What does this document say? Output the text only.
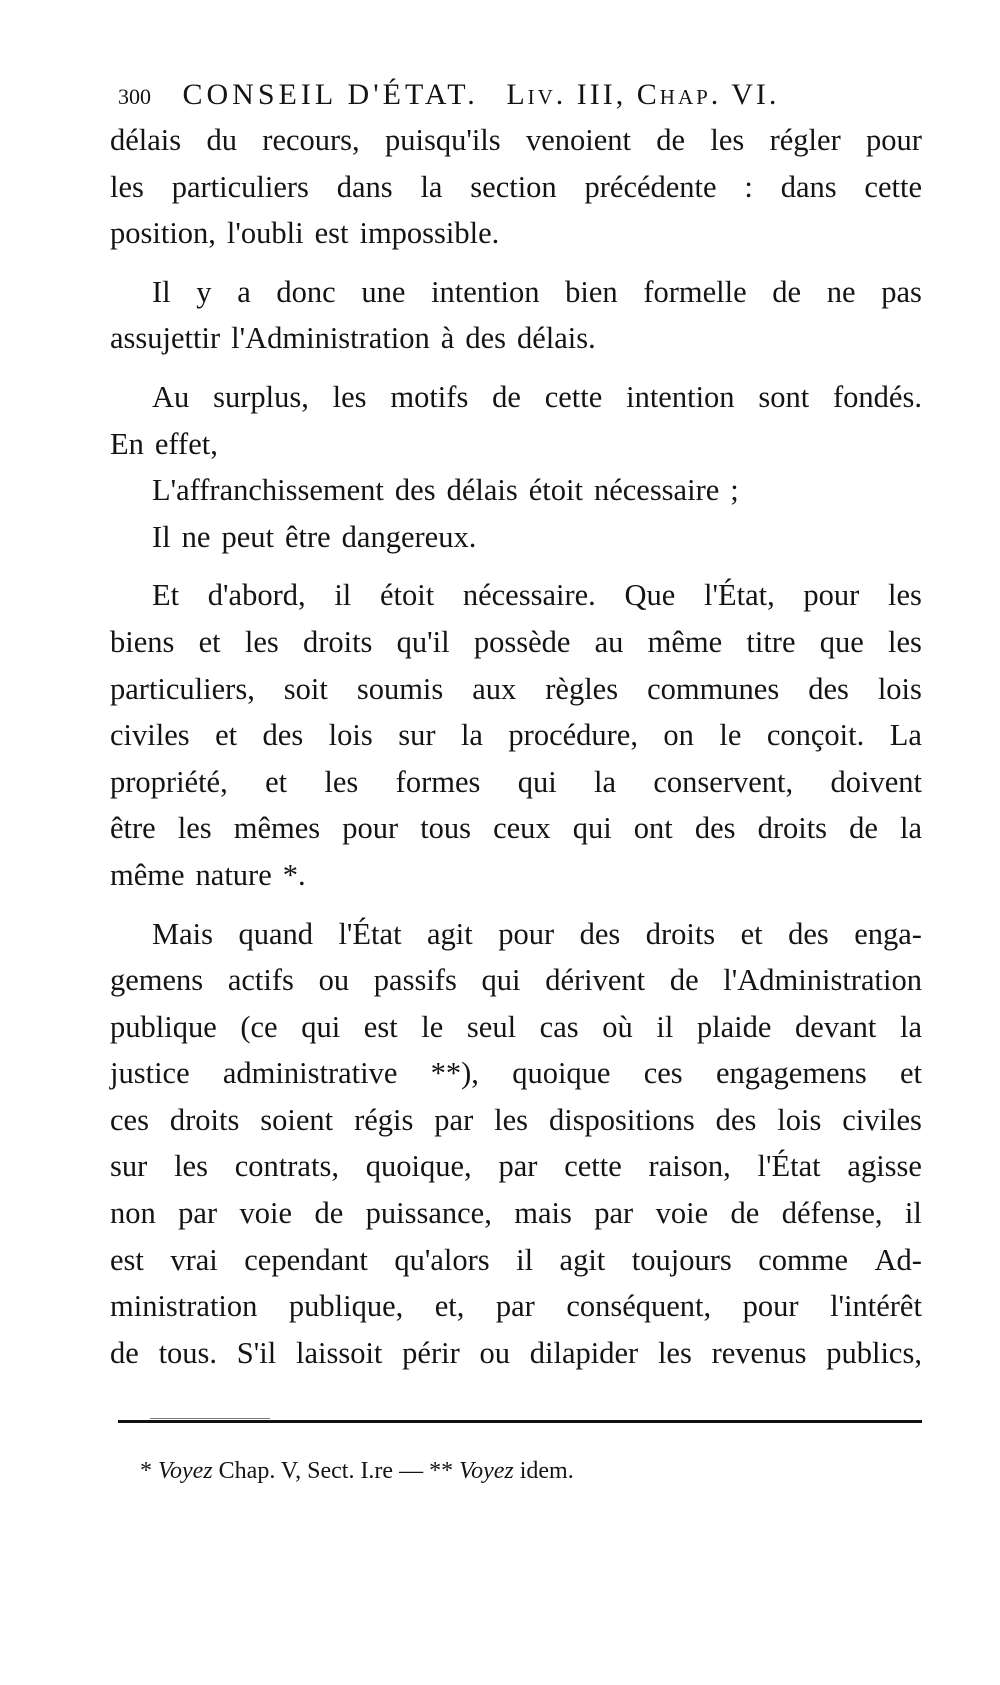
300 CONSEIL D'ÉTAT. Liv. III, Chap. VI.
délais du recours, puisqu'ils venoient de les régler pour
les particuliers dans la section précédente : dans cette
position, l'oubli est impossible.
Il y a donc une intention bien formelle de ne pas
assujettir l'Administration à des délais.
Au surplus, les motifs de cette intention sont fondés.
En effet,
L'affranchissement des délais étoit nécessaire ;
Il ne peut être dangereux.
Et d'abord, il étoit nécessaire. Que l'État, pour les
biens et les droits qu'il possède au même titre que les
particuliers, soit soumis aux règles communes des lois
civiles et des lois sur la procédure, on le conçoit. La
propriété, et les formes qui la conservent, doivent
être les mêmes pour tous ceux qui ont des droits de la
même nature *.
Mais quand l'État agit pour des droits et des enga-
gemens actifs ou passifs qui dérivent de l'Administration
publique (ce qui est le seul cas où il plaide devant la
justice administrative **), quoique ces engagemens et
ces droits soient régis par les dispositions des lois civiles
sur les contrats, quoique, par cette raison, l'État agisse
non par voie de puissance, mais par voie de défense, il
est vrai cependant qu'alors il agit toujours comme Ad-
ministration publique, et, par conséquent, pour l'intérêt
de tous. S'il laissoit périr ou dilapider les revenus publics,
* Voyez Chap. V, Sect. I.re — ** Voyez idem.
